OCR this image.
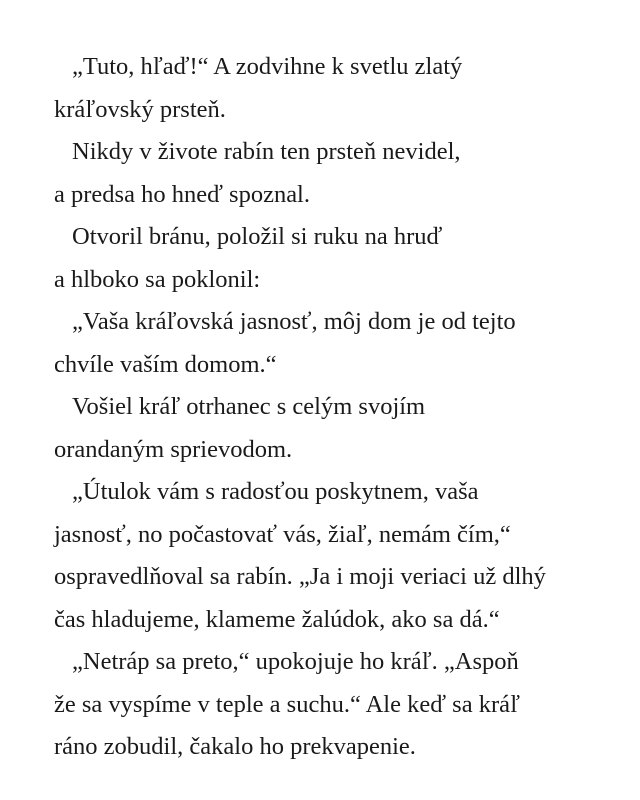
„Tuto, hľaď!“ A zodvihne k svetlu zlatý
kráľovský prsteň.

Nikdy v živote rabín ten prsteň nevidel,
a predsa ho hneď spoznal.

Otvoril bránu, položil si ruku na hruď
a hlboko sa poklonil:

„Vaša kráľovská jasnosť, môj dom je od tejto
chvíle vaším domom.“

Vošiel kráľ otrhanec s celým svojím
orandaným sprievodom.

„Útulok vám s radosťou poskytnem, vaša
jasnosť, no počastovať vás, žiaľ, nemám čím,“
ospravedlňoval sa rabín. „Ja i moji veriaci už dlhý
čas hladujeme, klameme žalúdok, ako sa dá.“

„Netráp sa preto,“ upokojuje ho kráľ. „Aspoň
že sa vyspíme v teple a suchu.“ Ale keď sa kráľ
ráno zobudil, čakalo ho prekvapenie.
